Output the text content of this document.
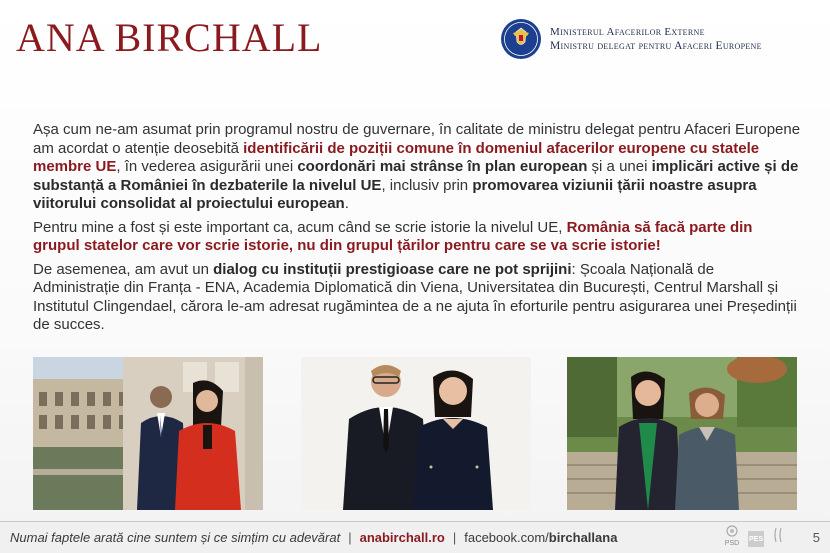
ANA BIRCHALL	Ministerul Afacerilor Externe
Ministru delegat pentru Afaceri Europene

Așa cum ne-am asumat prin programul nostru de guvernare, în calitate de ministru delegat pentru Afaceri Europene am acordat o atenție deosebită identificării de poziții comune în domeniul afacerilor europene cu statele membre UE, în vederea asigurării unei coordonări mai strânse în plan european și a unei implicări active și de substanță a României în dezbaterile la nivelul UE, inclusiv prin promovarea viziunii țării noastre asupra viitorului consolidat al proiectului european.

Pentru mine a fost și este important ca, acum când se scrie istorie la nivelul UE, România să facă parte din grupul statelor care vor scrie istorie, nu din grupul țărilor pentru care se va scrie istorie!

De asemenea, am avut un dialog cu instituții prestigioase care ne pot sprijini: Școala Națională de Administrație din Franța - ENA, Academia Diplomatică din Viena, Universitatea din București, Centrul Marshall și Institutul Clingendael, cărora le-am adresat rugămintea de a ne ajuta în eforturile pentru asigurarea unei Președinții de succes.

Numai faptele arată cine suntem și ce simțim cu adevărat | anabirchall.ro | facebook.com/birchallana	PSD
PES	5
